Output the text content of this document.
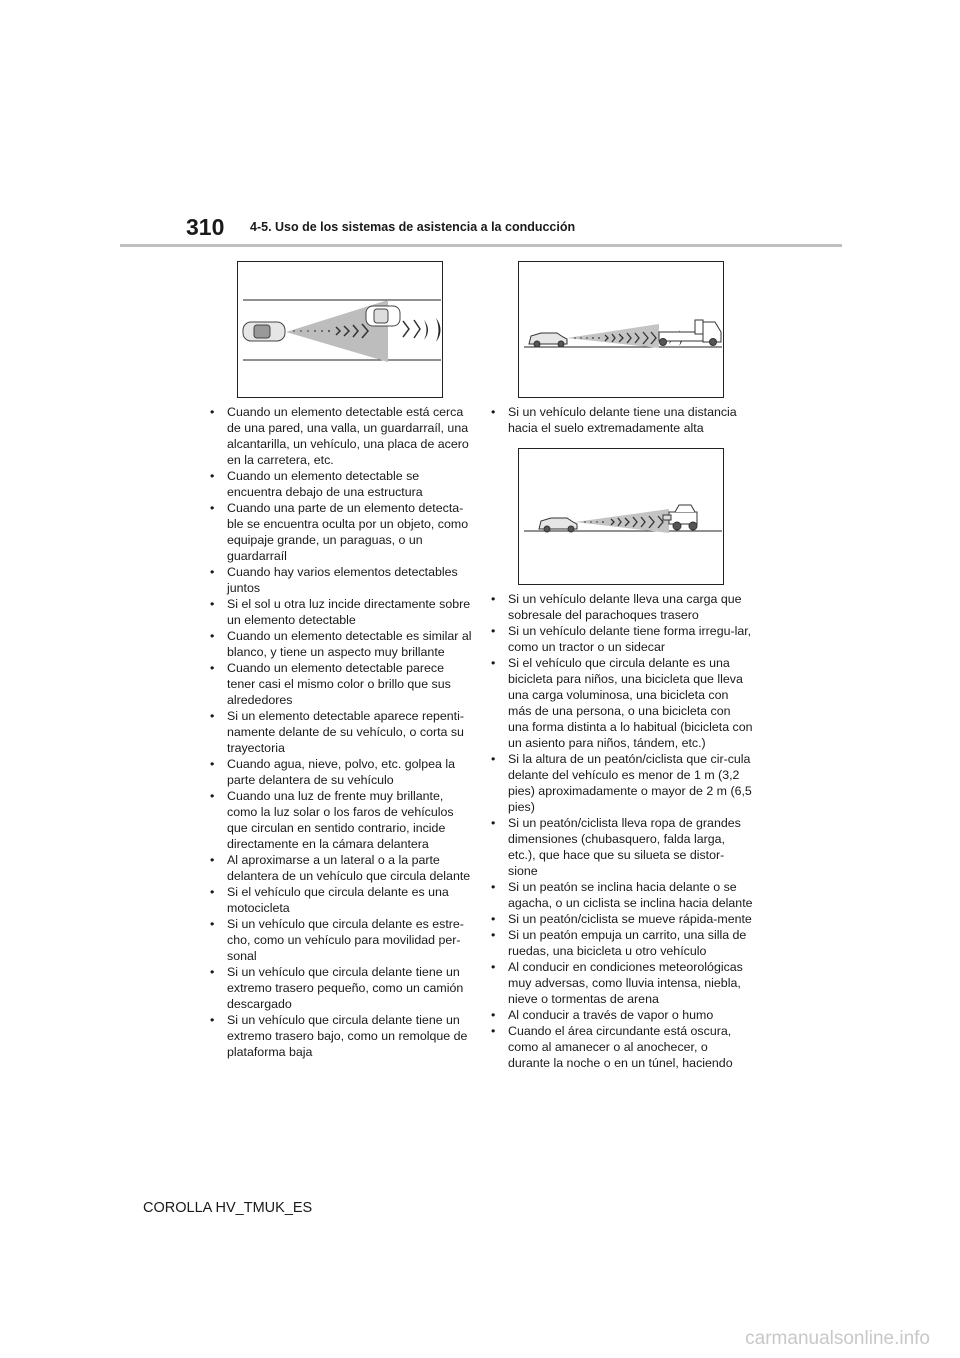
310 4-5. Uso de los sistemas de asistencia a la conducción
• Cuando un elemento detectable está cerca de una pared, una valla, un guardarraíl, una alcantarilla, un vehículo, una placa de acero en la carretera, etc.
• Cuando un elemento detectable se encuentra debajo de una estructura
• Cuando una parte de un elemento detecta-ble se encuentra oculta por un objeto, como equipaje grande, un paraguas, o un guardarraíl
• Cuando hay varios elementos detectables juntos
• Si el sol u otra luz incide directamente sobre un elemento detectable
• Cuando un elemento detectable es similar al blanco, y tiene un aspecto muy brillante
• Cuando un elemento detectable parece tener casi el mismo color o brillo que sus alrededores
• Si un elemento detectable aparece repenti-namente delante de su vehículo, o corta su trayectoria
• Cuando agua, nieve, polvo, etc. golpea la parte delantera de su vehículo
• Cuando una luz de frente muy brillante, como la luz solar o los faros de vehículos que circulan en sentido contrario, incide directamente en la cámara delantera
• Al aproximarse a un lateral o a la parte delantera de un vehículo que circula delante
• Si el vehículo que circula delante es una motocicleta
• Si un vehículo que circula delante es estre-cho, como un vehículo para movilidad per-sonal
• Si un vehículo que circula delante tiene un extremo trasero pequeño, como un camión descargado
• Si un vehículo que circula delante tiene un extremo trasero bajo, como un remolque de plataforma baja
• Si un vehículo delante tiene una distancia hacia el suelo extremadamente alta
• Si un vehículo delante lleva una carga que sobresale del parachoques trasero
• Si un vehículo delante tiene forma irregu-lar, como un tractor o un sidecar
• Si el vehículo que circula delante es una bicicleta para niños, una bicicleta que lleva una carga voluminosa, una bicicleta con más de una persona, o una bicicleta con una forma distinta a lo habitual (bicicleta con un asiento para niños, tándem, etc.)
• Si la altura de un peatón/ciclista que cir-cula delante del vehículo es menor de 1 m (3,2 pies) aproximadamente o mayor de 2 m (6,5 pies)
• Si un peatón/ciclista lleva ropa de grandes dimensiones (chubasquero, falda larga, etc.), que hace que su silueta se distor-sione
• Si un peatón se inclina hacia delante o se agacha, o un ciclista se inclina hacia delante
• Si un peatón/ciclista se mueve rápida-mente
• Si un peatón empuja un carrito, una silla de ruedas, una bicicleta u otro vehículo
• Al conducir en condiciones meteorológicas muy adversas, como lluvia intensa, niebla, nieve o tormentas de arena
• Al conducir a través de vapor o humo
• Cuando el área circundante está oscura, como al amanecer o al anochecer, o durante la noche o en un túnel, haciendo
COROLLA HV_TMUK_ES
carmanualsonline.info
